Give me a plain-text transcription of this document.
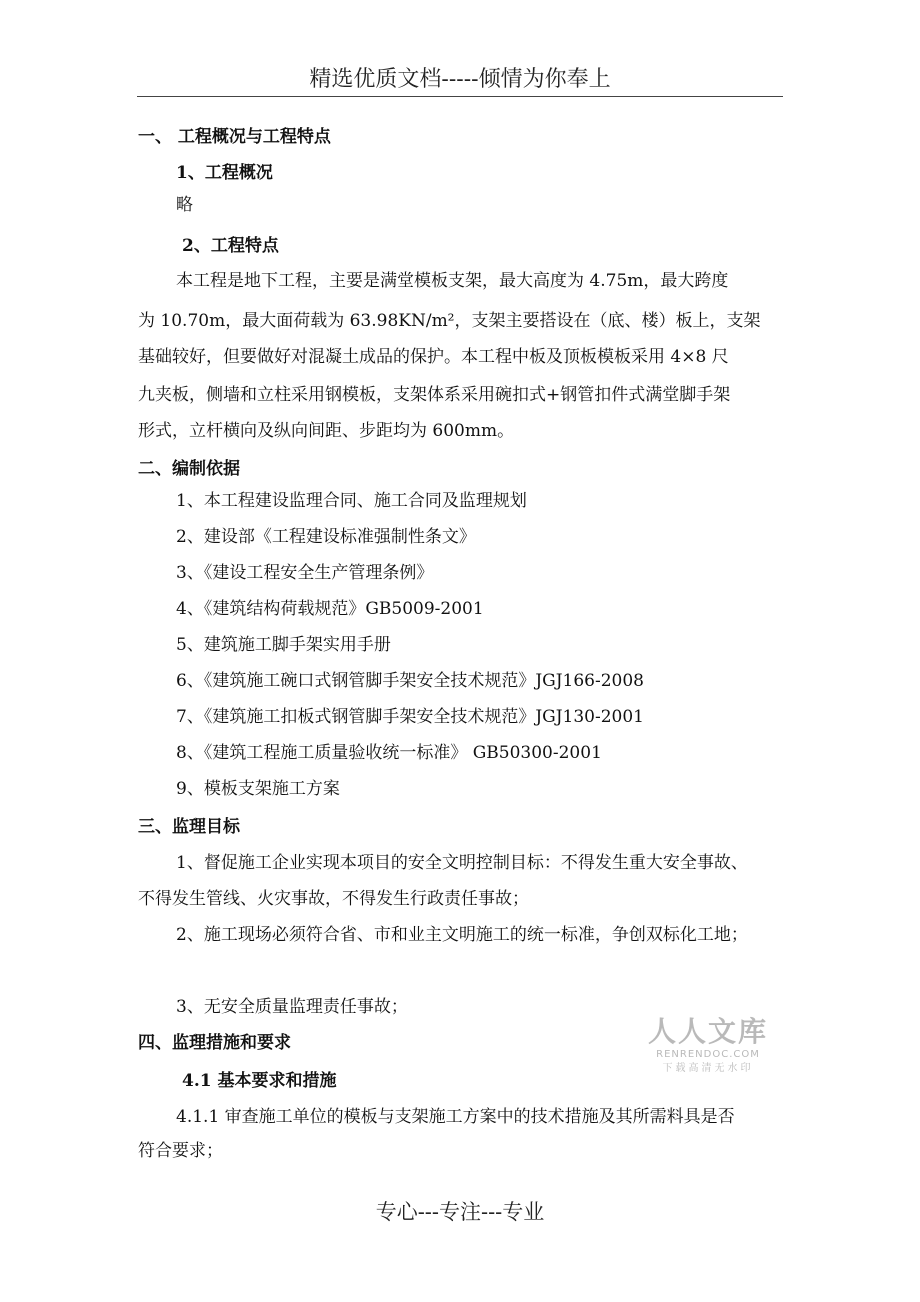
精选优质文档-----倾情为你奉上
一、 工程概况与工程特点
1、工程概况
略
2、工程特点
本工程是地下工程，主要是满堂模板支架，最大高度为 4.75m，最大跨度
为 10.70m，最大面荷载为 63.98KN/m²，支架主要搭设在（底、楼）板上，支架
基础较好，但要做好对混凝土成品的保护。本工程中板及顶板模板采用 4×8 尺
九夹板，侧墙和立柱采用钢模板，支架体系采用碗扣式+钢管扣件式满堂脚手架
形式，立杆横向及纵向间距、步距均为 600mm。
二、编制依据
1、本工程建设监理合同、施工合同及监理规划
2、建设部《工程建设标准强制性条文》
3、《建设工程安全生产管理条例》
4、《建筑结构荷载规范》GB5009-2001
5、建筑施工脚手架实用手册
6、《建筑施工碗口式钢管脚手架安全技术规范》JGJ166-2008
7、《建筑施工扣板式钢管脚手架安全技术规范》JGJ130-2001
8、《建筑工程施工质量验收统一标准》 GB50300-2001
9、模板支架施工方案
三、监理目标
1、督促施工企业实现本项目的安全文明控制目标：不得发生重大安全事故、
不得发生管线、火灾事故，不得发生行政责任事故；
2、施工现场必须符合省、市和业主文明施工的统一标准，争创双标化工地；
3、无安全质量监理责任事故；
四、监理措施和要求
4.1 基本要求和措施
4.1.1 审查施工单位的模板与支架施工方案中的技术措施及其所需料具是否
符合要求；
人人文库
RENRENDOC.COM
下载高清无水印
专心---专注---专业
